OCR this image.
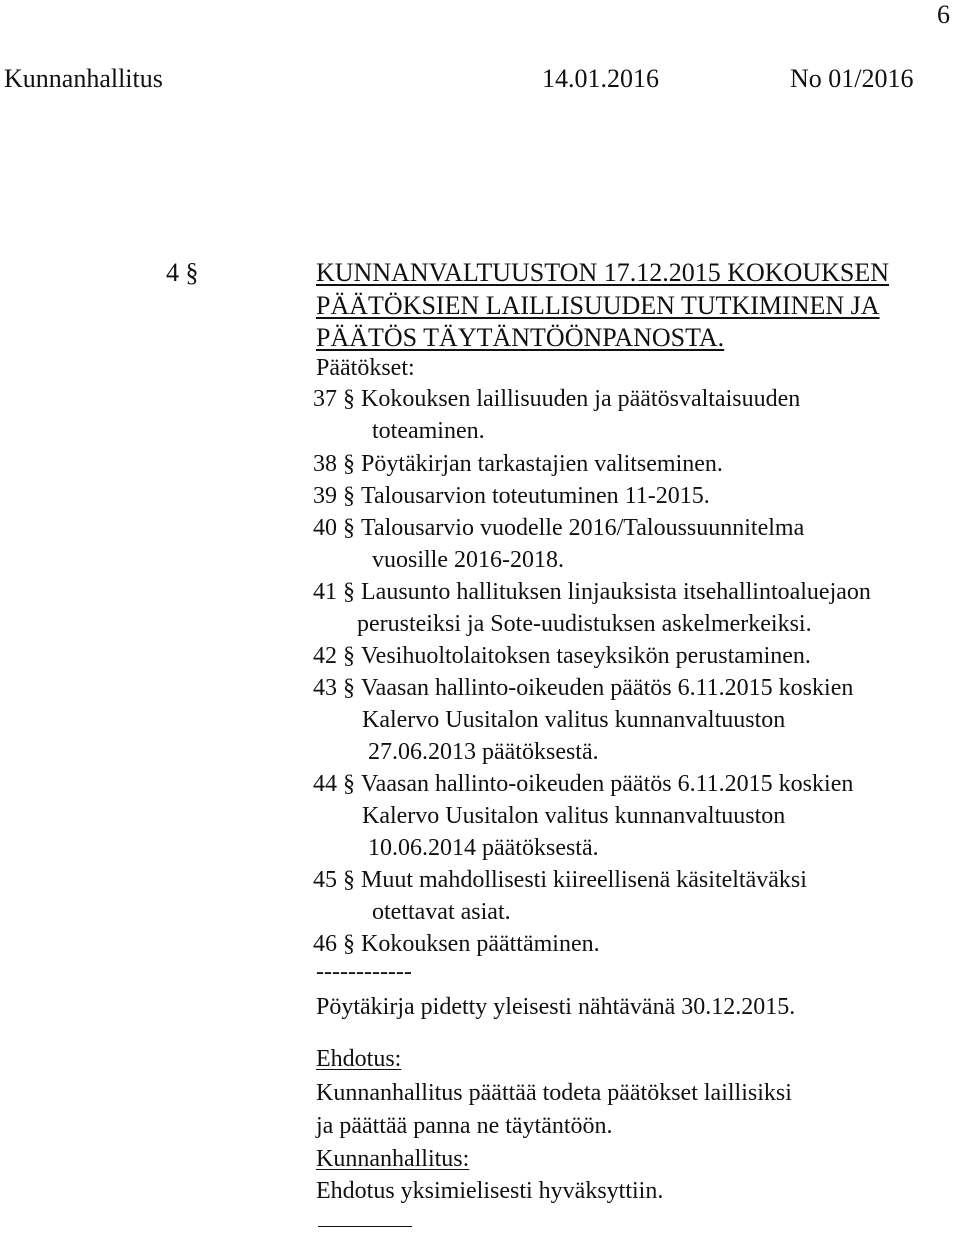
6
Kunnanhallitus	14.01.2016	No 01/2016
4 §	KUNNANVALTUUSTON 17.12.2015 KOKOUKSEN
PÄÄTÖKSIEN LAILLISUUDEN TUTKIMINEN JA
PÄÄTÖS TÄYTÄNTÖÖNPANOSTA.
Päätökset:
37 § Kokouksen laillisuuden ja päätösvaltaisuuden
toteaminen.
38 § Pöytäkirjan tarkastajien valitseminen.
39 § Talousarvion toteutuminen 11-2015.
40 § Talousarvio vuodelle 2016/Taloussuunnitelma
vuosille 2016-2018.
41 § Lausunto hallituksen linjauksista itsehallintoaluejaon
perusteiksi ja Sote-uudistuksen askelmerkeiksi.
42 § Vesihuoltolaitoksen taseyksikön perustaminen.
43 § Vaasan hallinto-oikeuden päätös 6.11.2015 koskien
Kalervo Uusitalon valitus kunnanvaltuuston
27.06.2013 päätöksestä.
44 § Vaasan hallinto-oikeuden päätös 6.11.2015 koskien
Kalervo Uusitalon valitus kunnanvaltuuston
10.06.2014 päätöksestä.
45 § Muut mahdollisesti kiireellisenä käsiteltäväksi
otettavat asiat.
46 § Kokouksen päättäminen.
------------
Pöytäkirja pidetty yleisesti nähtävänä 30.12.2015.
Ehdotus:
Kunnanhallitus päättää todeta päätökset laillisiksi
ja päättää panna ne täytäntöön.
Kunnanhallitus:
Ehdotus yksimielisesti hyväksyttiin.
